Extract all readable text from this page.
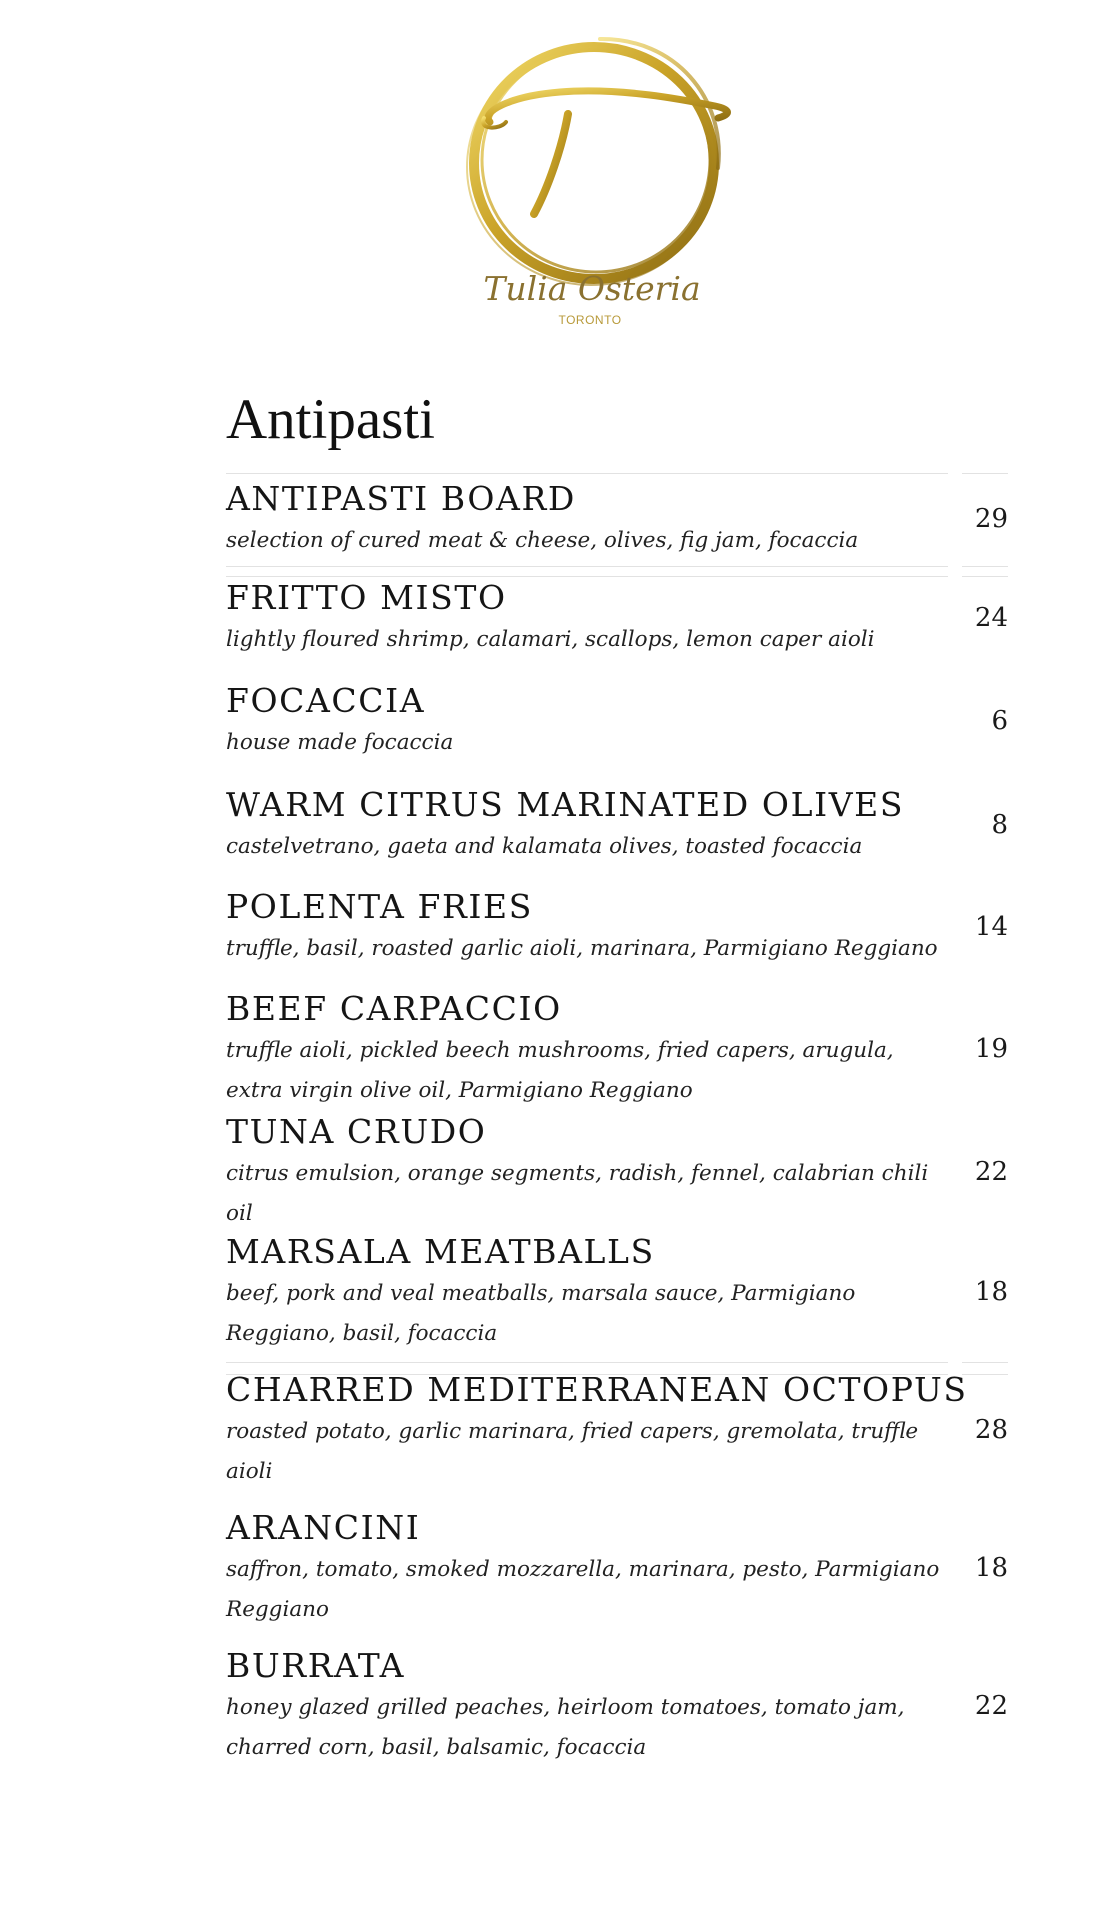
Tulia Osteria
TORONTO
Antipasti
ANTIPASTI BOARD
selection of cured meat & cheese, olives, fig jam, focaccia
29
FRITTO MISTO
lightly floured shrimp, calamari, scallops, lemon caper aioli
24
FOCACCIA
house made focaccia
6
WARM CITRUS MARINATED OLIVES
castelvetrano, gaeta and kalamata olives, toasted focaccia
8
POLENTA FRIES
truffle, basil, roasted garlic aioli, marinara, Parmigiano Reggiano
14
BEEF CARPACCIO
truffle aioli, pickled beech mushrooms, fried capers, arugula, extra virgin olive oil, Parmigiano Reggiano
19
TUNA CRUDO
citrus emulsion, orange segments, radish, fennel, calabrian chili oil
22
MARSALA MEATBALLS
beef, pork and veal meatballs, marsala sauce, Parmigiano Reggiano, basil, focaccia
18
CHARRED MEDITERRANEAN OCTOPUS
roasted potato, garlic marinara, fried capers, gremolata, truffle aioli
28
ARANCINI
saffron, tomato, smoked mozzarella, marinara, pesto, Parmigiano Reggiano
18
BURRATA
honey glazed grilled peaches, heirloom tomatoes, tomato jam, charred corn, basil, balsamic, focaccia
22
